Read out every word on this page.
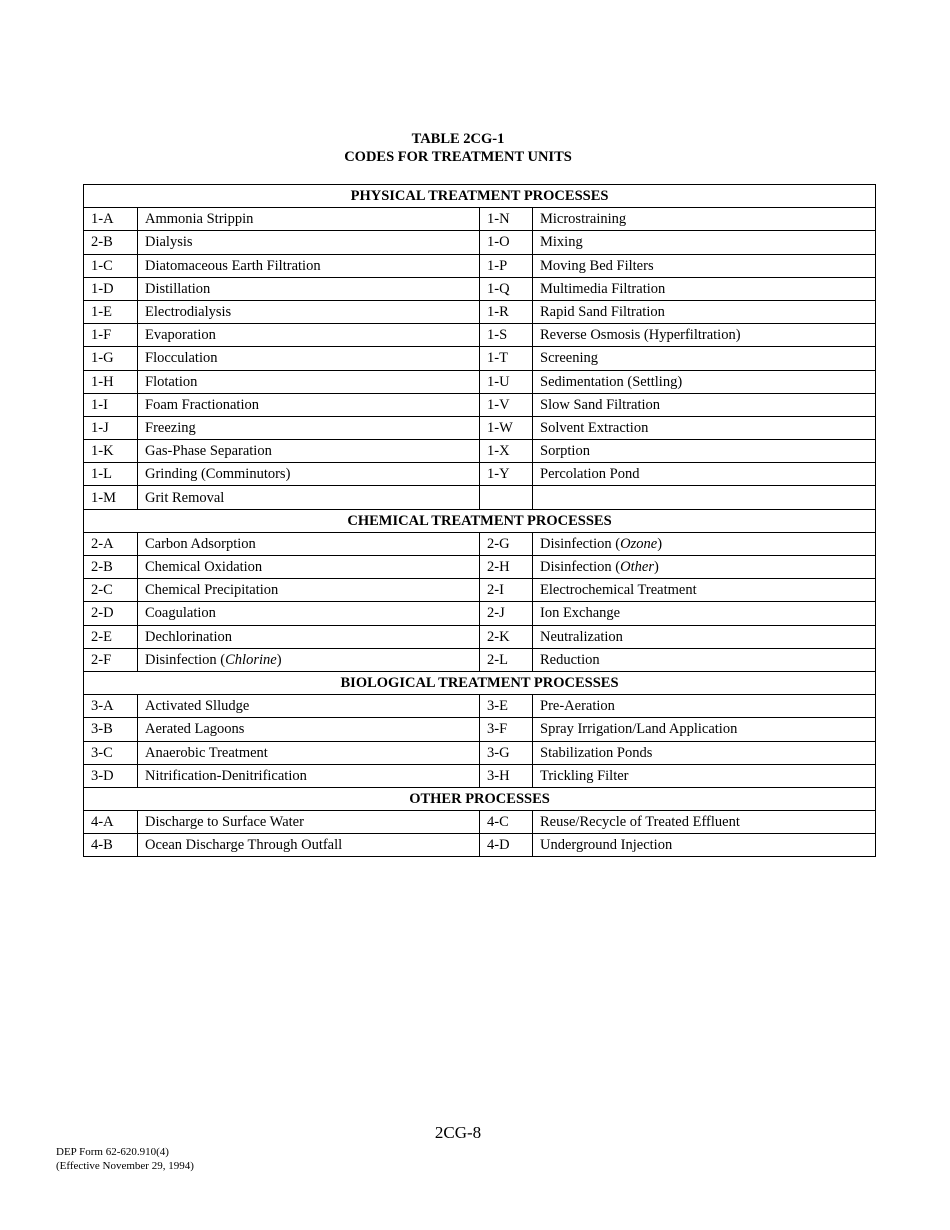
TABLE 2CG-1
CODES FOR TREATMENT UNITS
PHYSICAL TREATMENT PROCESSES			
1-A	Ammonia Strippin	1-N	Microstraining
2-B	Dialysis	1-O	Mixing
1-C	Diatomaceous Earth Filtration	1-P	Moving Bed Filters
1-D	Distillation	1-Q	Multimedia Filtration
1-E	Electrodialysis	1-R	Rapid Sand Filtration
1-F	Evaporation	1-S	Reverse Osmosis (Hyperfiltration)
1-G	Flocculation	1-T	Screening
1-H	Flotation	1-U	Sedimentation (Settling)
1-I	Foam Fractionation	1-V	Slow Sand Filtration
1-J	Freezing	1-W	Solvent Extraction
1-K	Gas-Phase Separation	1-X	Sorption
1-L	Grinding (Comminutors)	1-Y	Percolation Pond
1-M	Grit Removal		
CHEMICAL TREATMENT PROCESSES			
2-A	Carbon Adsorption	2-G	Disinfection (Ozone)
2-B	Chemical Oxidation	2-H	Disinfection (Other)
2-C	Chemical Precipitation	2-I	Electrochemical Treatment
2-D	Coagulation	2-J	Ion Exchange
2-E	Dechlorination	2-K	Neutralization
2-F	Disinfection (Chlorine)	2-L	Reduction
BIOLOGICAL TREATMENT PROCESSES			
3-A	Activated Slludge	3-E	Pre-Aeration
3-B	Aerated Lagoons	3-F	Spray Irrigation/Land Application
3-C	Anaerobic Treatment	3-G	Stabilization Ponds
3-D	Nitrification-Denitrification	3-H	Trickling Filter
OTHER PROCESSES			
4-A	Discharge to Surface Water	4-C	Reuse/Recycle of Treated Effluent
4-B	Ocean Discharge Through Outfall	4-D	Underground Injection
2CG-8
DEP Form 62-620.910(4)
(Effective November 29, 1994)
